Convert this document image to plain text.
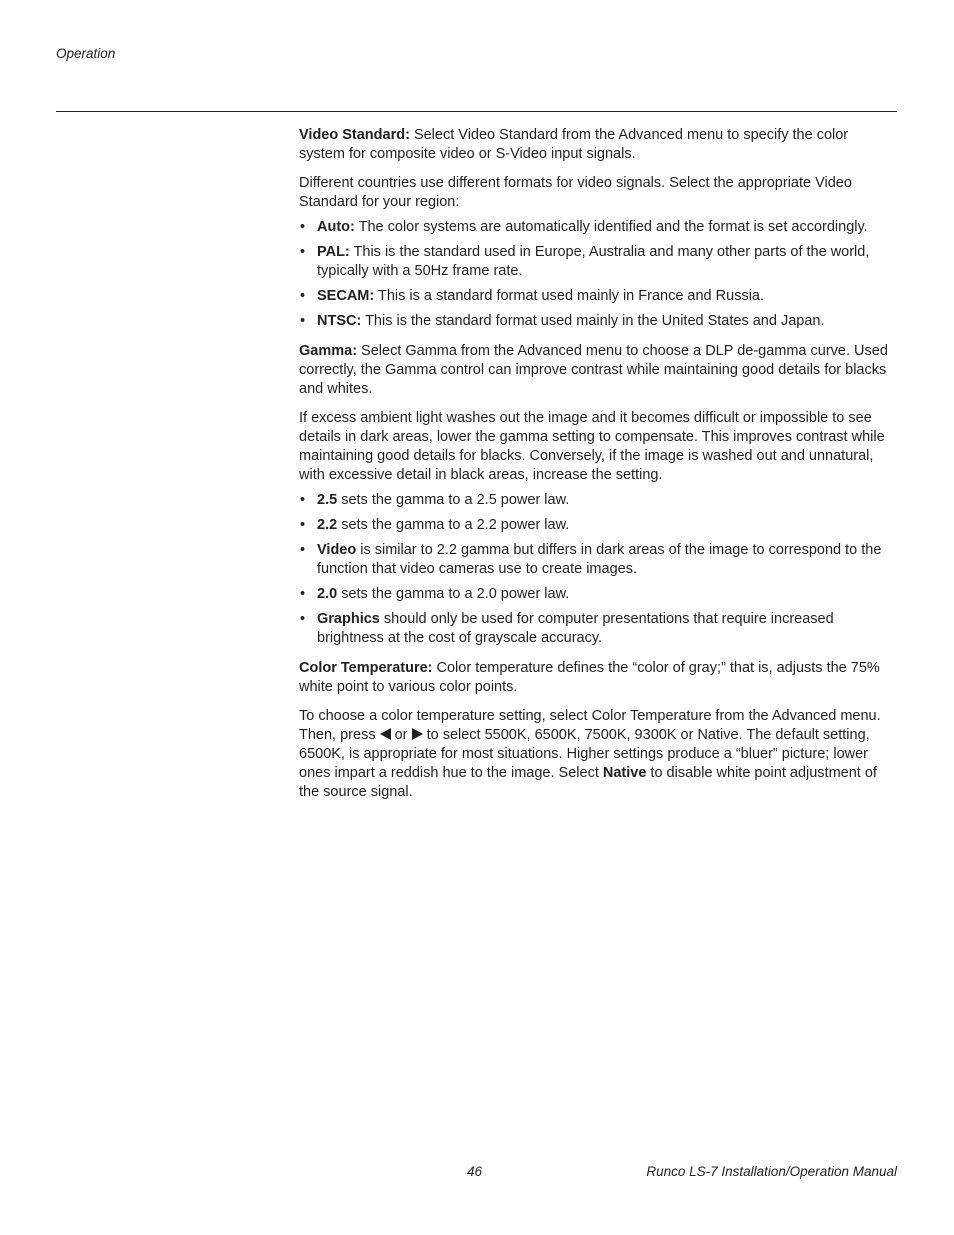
Operation

Video Standard: Select Video Standard from the Advanced menu to specify the color system for composite video or S-Video input signals.

Different countries use different formats for video signals. Select the appropriate Video Standard for your region:

• Auto: The color systems are automatically identified and the format is set accordingly.
• PAL: This is the standard used in Europe, Australia and many other parts of the world, typically with a 50Hz frame rate.
• SECAM: This is a standard format used mainly in France and Russia.
• NTSC: This is the standard format used mainly in the United States and Japan.

Gamma: Select Gamma from the Advanced menu to choose a DLP de-gamma curve. Used correctly, the Gamma control can improve contrast while maintaining good details for blacks and whites.

If excess ambient light washes out the image and it becomes difficult or impossible to see details in dark areas, lower the gamma setting to compensate. This improves contrast while maintaining good details for blacks. Conversely, if the image is washed out and unnatural, with excessive detail in black areas, increase the setting.

• 2.5 sets the gamma to a 2.5 power law.
• 2.2 sets the gamma to a 2.2 power law.
• Video is similar to 2.2 gamma but differs in dark areas of the image to correspond to the function that video cameras use to create images.
• 2.0 sets the gamma to a 2.0 power law.
• Graphics should only be used for computer presentations that require increased brightness at the cost of grayscale accuracy.

Color Temperature: Color temperature defines the “color of gray;” that is, adjusts the 75% white point to various color points.

To choose a color temperature setting, select Color Temperature from the Advanced menu. Then, press  or  to select 5500K, 6500K, 7500K, 9300K or Native. The default setting, 6500K, is appropriate for most situations. Higher settings produce a “bluer” picture; lower ones impart a reddish hue to the image. Select Native to disable white point adjustment of the source signal.

46	Runco LS-7 Installation/Operation Manual
